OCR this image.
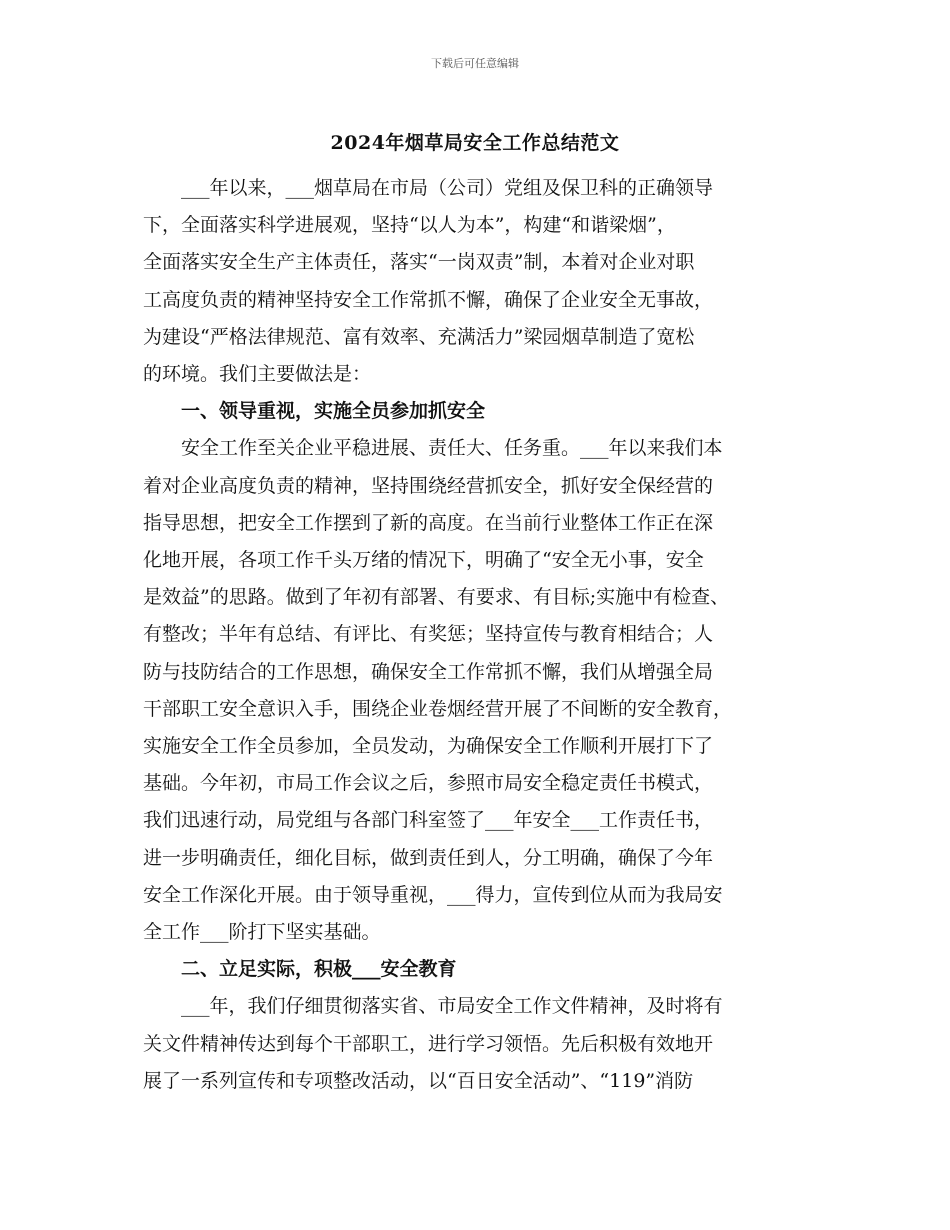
下载后可任意编辑
2024年烟草局安全工作总结范文

　　___年以来，___烟草局在市局（公司）党组及保卫科的正确领导

下，全面落实科学进展观，坚持“以人为本”，构建“和谐梁烟”，

全面落实安全生产主体责任，落实“一岗双责”制，本着对企业对职

工高度负责的精神坚持安全工作常抓不懈，确保了企业安全无事故，

为建设“严格法律规范、富有效率、充满活力”梁园烟草制造了宽松

的环境。我们主要做法是：

一、领导重视，实施全员参加抓安全

　　安全工作至关企业平稳进展、责任大、任务重。___年以来我们本

着对企业高度负责的精神，坚持围绕经营抓安全，抓好安全保经营的

指导思想，把安全工作摆到了新的高度。在当前行业整体工作正在深

化地开展，各项工作千头万绪的情况下，明确了“安全无小事，安全

是效益”的思路。做到了年初有部署、有要求、有目标;实施中有检查、

有整改；半年有总结、有评比、有奖惩；坚持宣传与教育相结合；人

防与技防结合的工作思想，确保安全工作常抓不懈，我们从增强全局

干部职工安全意识入手，围绕企业卷烟经营开展了不间断的安全教育，

实施安全工作全员参加，全员发动，为确保安全工作顺利开展打下了

基础。今年初，市局工作会议之后，参照市局安全稳定责任书模式，

我们迅速行动，局党组与各部门科室签了___年安全___工作责任书，

进一步明确责任，细化目标，做到责任到人，分工明确，确保了今年

安全工作深化开展。由于领导重视，___得力，宣传到位从而为我局安

全工作___阶打下坚实基础。

二、立足实际，积极___安全教育

　　___年，我们仔细贯彻落实省、市局安全工作文件精神，及时将有

关文件精神传达到每个干部职工，进行学习领悟。先后积极有效地开

展了一系列宣传和专项整改活动，以“百日安全活动”、“119”消防
